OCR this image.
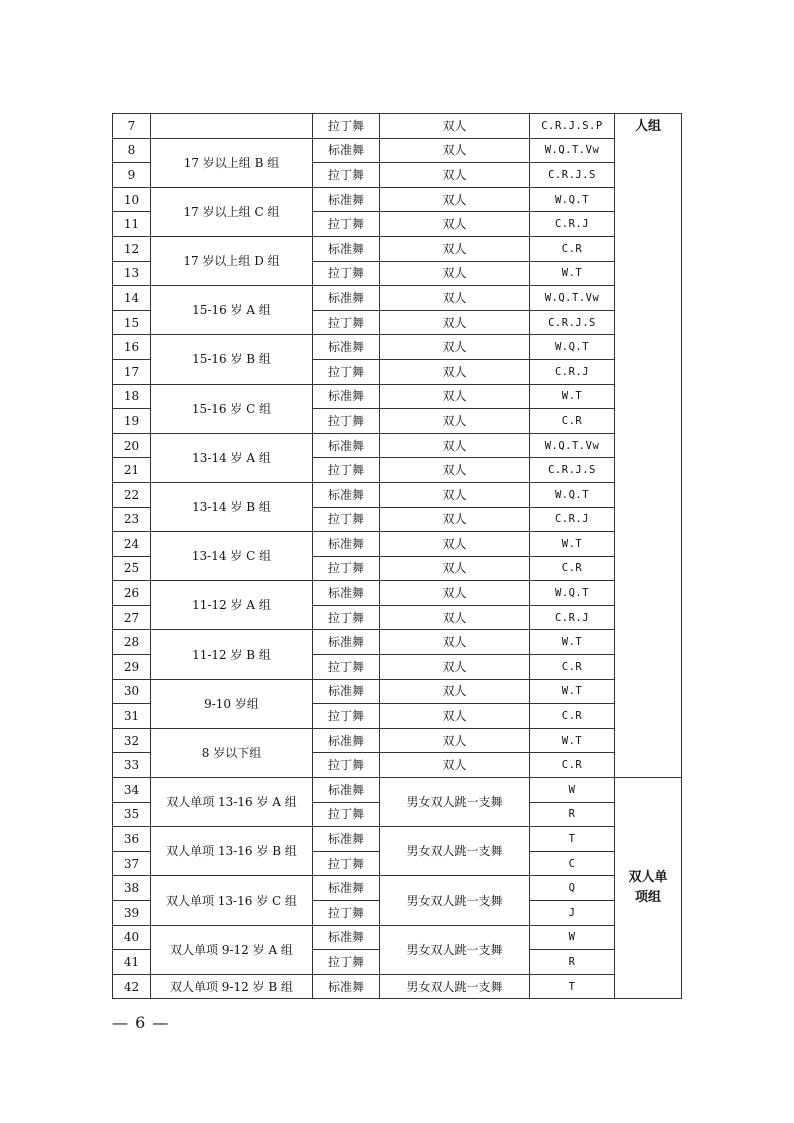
7		拉丁舞	双人	C.R.J.S.P	人组
8	17 岁以上组 B 组	标准舞	双人	W.Q.T.Vw	
9		拉丁舞	双人	C.R.J.S	
10	17 岁以上组 C 组	标准舞	双人	W.Q.T	
11		拉丁舞	双人	C.R.J	
12	17 岁以上组 D 组	标准舞	双人	C.R	
13		拉丁舞	双人	W.T	
14	15-16 岁 A 组	标准舞	双人	W.Q.T.Vw	
15		拉丁舞	双人	C.R.J.S	
16	15-16 岁 B 组	标准舞	双人	W.Q.T	
17		拉丁舞	双人	C.R.J	
18	15-16 岁 C 组	标准舞	双人	W.T	
19		拉丁舞	双人	C.R	
20	13-14 岁 A 组	标准舞	双人	W.Q.T.Vw	
21		拉丁舞	双人	C.R.J.S	
22	13-14 岁 B 组	标准舞	双人	W.Q.T	
23		拉丁舞	双人	C.R.J	
24	13-14 岁 C 组	标准舞	双人	W.T	
25		拉丁舞	双人	C.R	
26	11-12 岁 A 组	标准舞	双人	W.Q.T	
27		拉丁舞	双人	C.R.J	
28	11-12 岁 B 组	标准舞	双人	W.T	
29		拉丁舞	双人	C.R	
30	9-10 岁组	标准舞	双人	W.T	
31		拉丁舞	双人	C.R	
32	8 岁以下组	标准舞	双人	W.T	
33		拉丁舞	双人	C.R	
34	双人单项 13-16 岁 A 组	标准舞	男女双人跳一支舞	W	双人单
项组
35		拉丁舞		R	
36	双人单项 13-16 岁 B 组	标准舞	男女双人跳一支舞	T	
37		拉丁舞		C	
38	双人单项 13-16 岁 C 组	标准舞	男女双人跳一支舞	Q	
39		拉丁舞		J	
40	双人单项 9-12 岁 A 组	标准舞	男女双人跳一支舞	W	
41		拉丁舞		R	
42	双人单项 9-12 岁 B 组	标准舞	男女双人跳一支舞	T	
— 6 —
